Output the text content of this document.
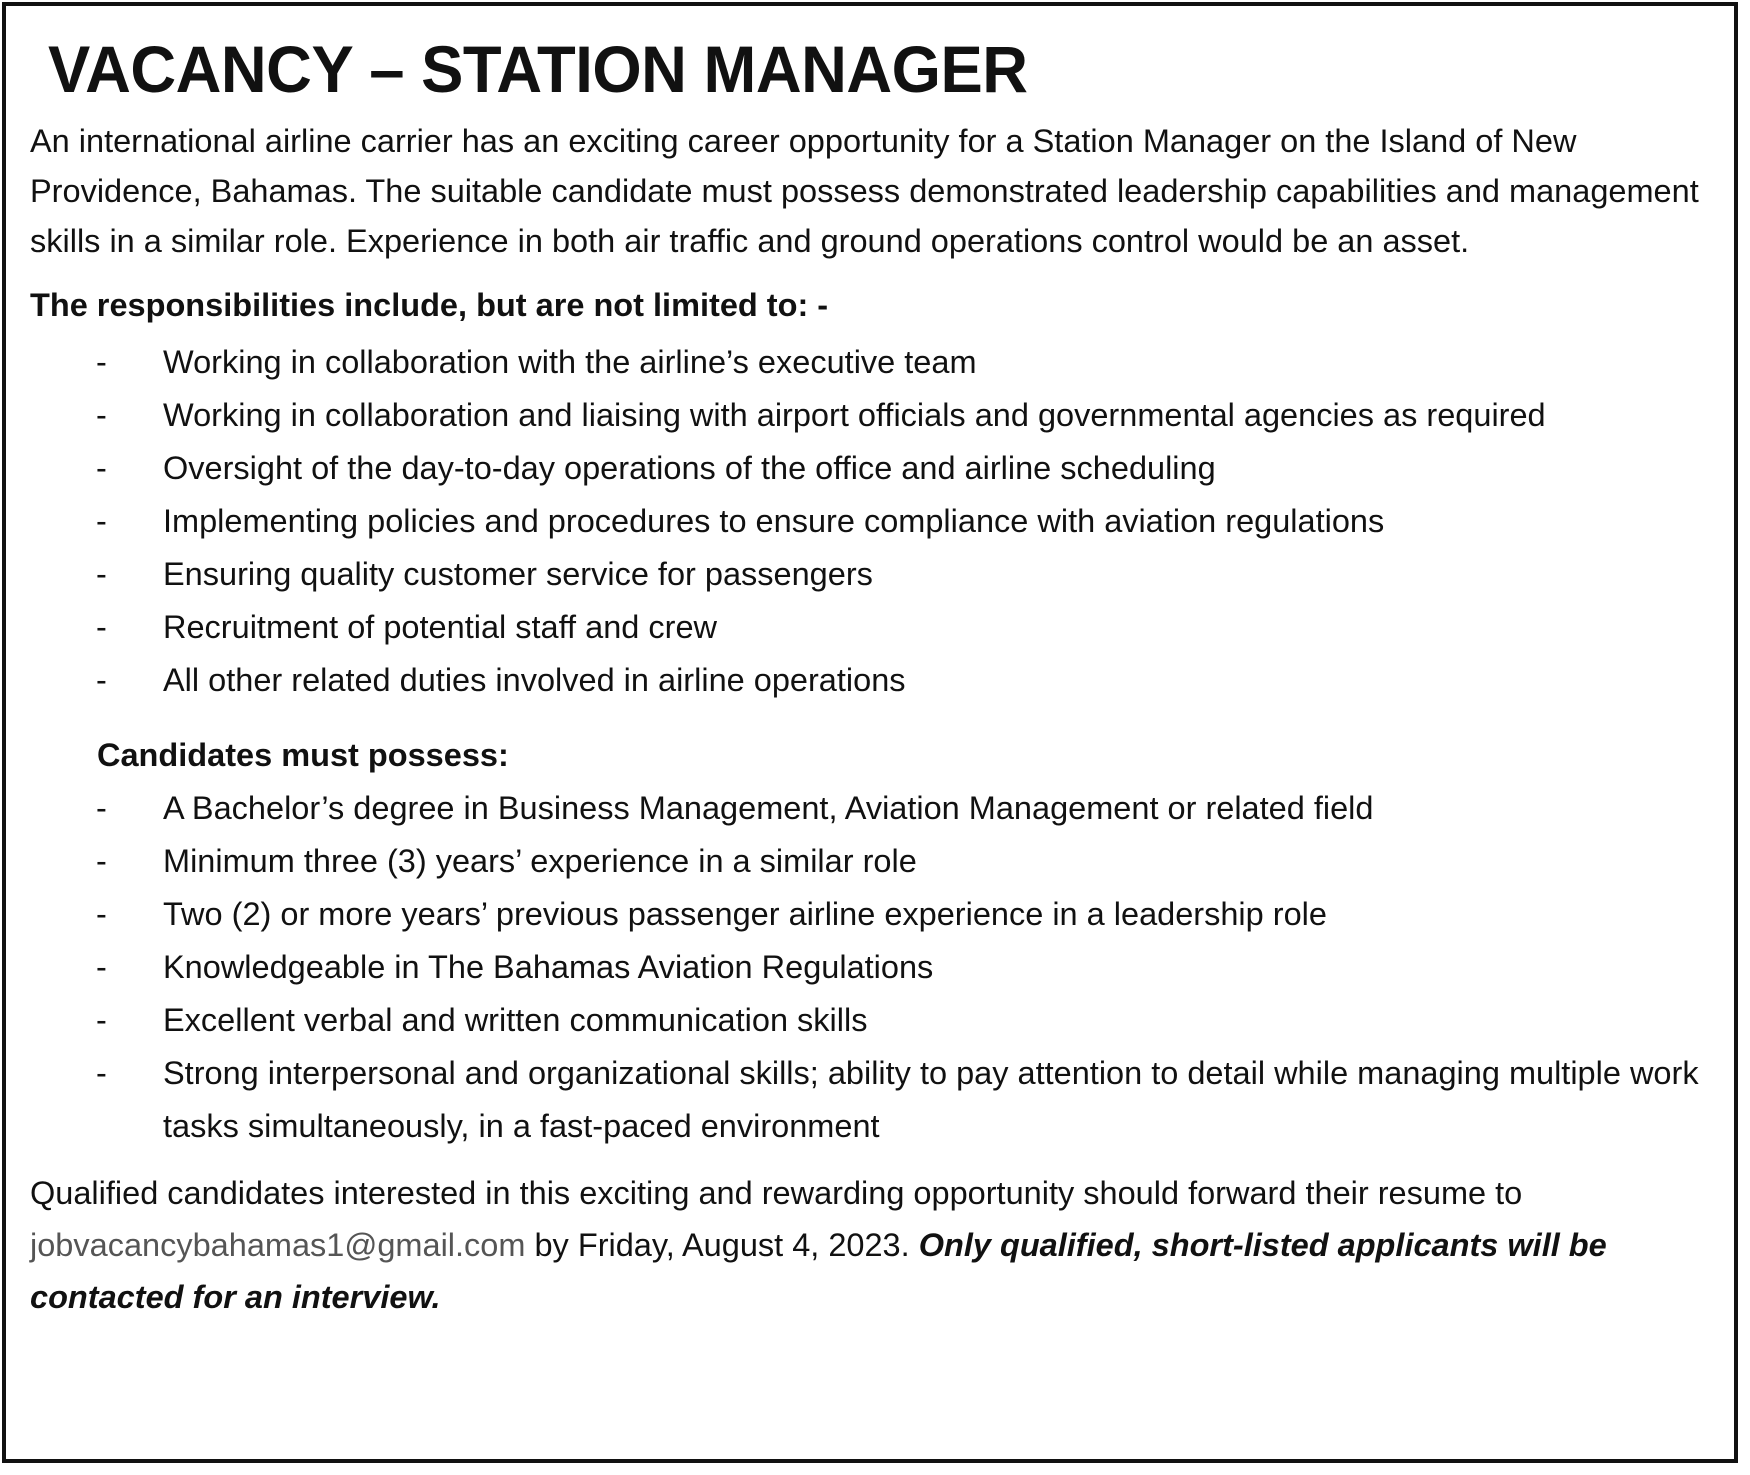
VACANCY – STATION MANAGER

An international airline carrier has an exciting career opportunity for a Station Manager on the Island of New Providence, Bahamas. The suitable candidate must possess demonstrated leadership capabilities and management skills in a similar role. Experience in both air traffic and ground operations control would be an asset.

The responsibilities include, but are not limited to: -

- Working in collaboration with the airline’s executive team
- Working in collaboration and liaising with airport officials and governmental agencies as required
- Oversight of the day-to-day operations of the office and airline scheduling
- Implementing policies and procedures to ensure compliance with aviation regulations
- Ensuring quality customer service for passengers
- Recruitment of potential staff and crew
- All other related duties involved in airline operations

Candidates must possess:

- A Bachelor’s degree in Business Management, Aviation Management or related field
- Minimum three (3) years’ experience in a similar role
- Two (2) or more years’ previous passenger airline experience in a leadership role
- Knowledgeable in The Bahamas Aviation Regulations
- Excellent verbal and written communication skills
- Strong interpersonal and organizational skills; ability to pay attention to detail while managing multiple work tasks simultaneously, in a fast-paced environment

Qualified candidates interested in this exciting and rewarding opportunity should forward their resume to jobvacancybahamas1@gmail.com by Friday, August 4, 2023. Only qualified, short-listed applicants will be contacted for an interview.
